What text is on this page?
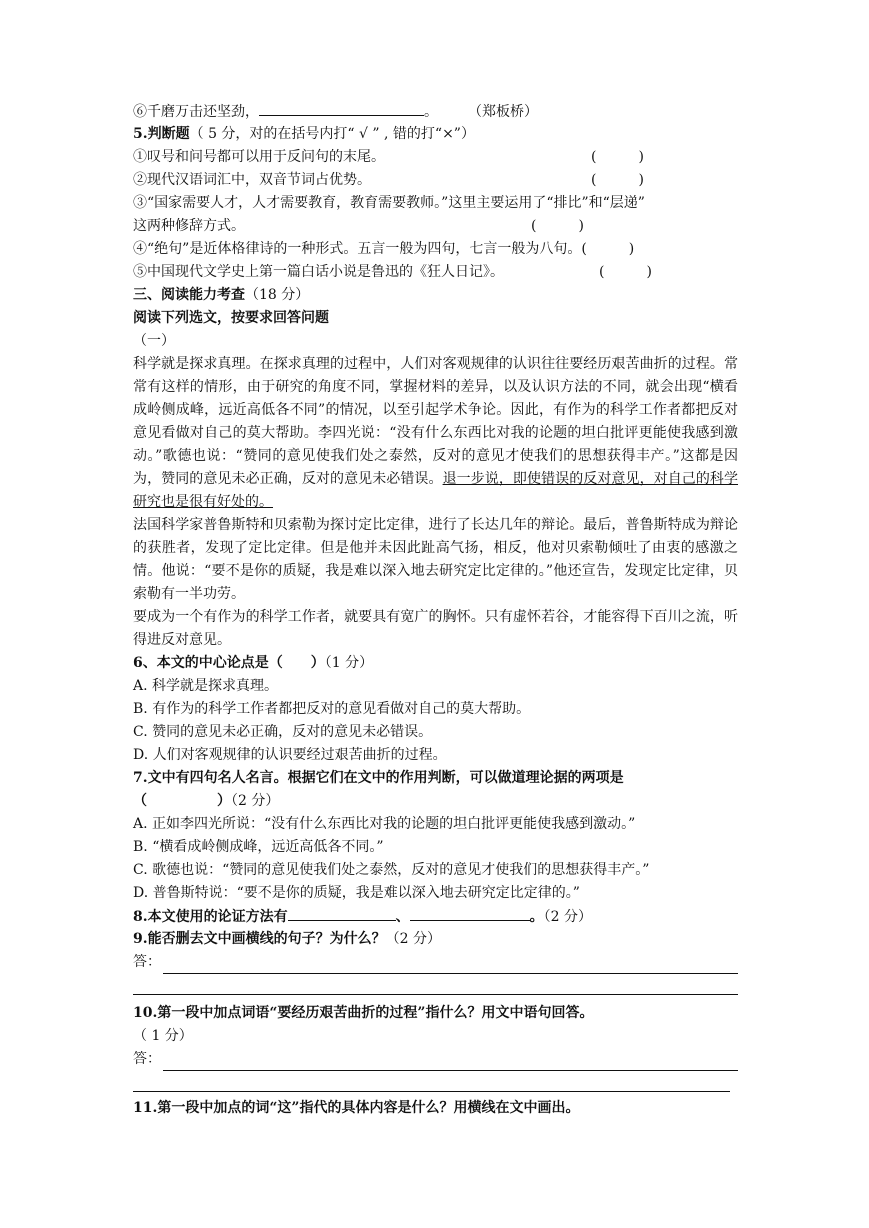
⑥千磨万击还坚劲，	。 （郑板桥）
5.判断题（ 5 分，对的在括号内打“ √ ” , 错的打“×”）
①叹号和问号都可以用于反问句的末尾。	(　　　)
②现代汉语词汇中，双音节词占优势。	(　　　)
③“国家需要人才，人才需要教育，教育需要教师。”这里主要运用了“排比”和“层递”
这两种修辞方式。	(　　　)
④“绝句”是近体格律诗的一种形式。五言一般为四句，七言一般为八句。(　　　)
⑤中国现代文学史上第一篇白话小说是鲁迅的《狂人日记》。	(　　　)
三、阅读能力考查（18 分）
阅读下列选文，按要求回答问题
（一）
科学就是探求真理。在探求真理的过程中，人们对客观规律的认识往往要经历艰苦曲折的过程。常常有这样的情形，由于研究的角度不同，掌握材料的差异，以及认识方法的不同，就会出现“横看成岭侧成峰，远近高低各不同”的情况，以至引起学术争论。因此，有作为的科学工作者都把反对意见看做对自己的莫大帮助。李四光说：“没有什么东西比对我的论题的坦白批评更能使我感到激动。”歌德也说：“赞同的意见使我们处之泰然，反对的意见才使我们的思想获得丰产。”这都是因为，赞同的意见未必正确，反对的意见未必错误。退一步说，即使错误的反对意见，对自己的科学研究也是很有好处的。
法国科学家普鲁斯特和贝索勒为探讨定比定律，进行了长达几年的辩论。最后，普鲁斯特成为辩论的获胜者，发现了定比定律。但是他并未因此趾高气扬，相反，他对贝索勒倾吐了由衷的感激之情。他说：“要不是你的质疑，我是难以深入地去研究定比定律的。”他还宣告，发现定比定律，贝索勒有一半功劳。
要成为一个有作为的科学工作者，就要具有宽广的胸怀。只有虚怀若谷，才能容得下百川之流，听得进反对意见。
6、本文的中心论点是（　　）（1 分）
A. 科学就是探求真理。
B. 有作为的科学工作者都把反对的意见看做对自己的莫大帮助。
C. 赞同的意见未必正确，反对的意见未必错误。
D. 人们对客观规律的认识要经过艰苦曲折的过程。
7.文中有四句名人名言。根据它们在文中的作用判断，可以做道理论据的两项是
（　　　　　）（2 分）
A. 正如李四光所说：“没有什么东西比对我的论题的坦白批评更能使我感到激动。”
B. “横看成岭侧成峰，远近高低各不同。”
C. 歌德也说：“赞同的意见使我们处之泰然，反对的意见才使我们的思想获得丰产。”
D. 普鲁斯特说：“要不是你的质疑，我是难以深入地去研究定比定律的。”
8.本文使用的论证方法有	、	。（2 分）
9.能否删去文中画横线的句子？为什么？（2 分）
答：
10.第一段中加点词语“要经历艰苦曲折的过程”指什么？用文中语句回答。
（ 1 分）
答：
11.第一段中加点的词“这”指代的具体内容是什么？用横线在文中画出。
